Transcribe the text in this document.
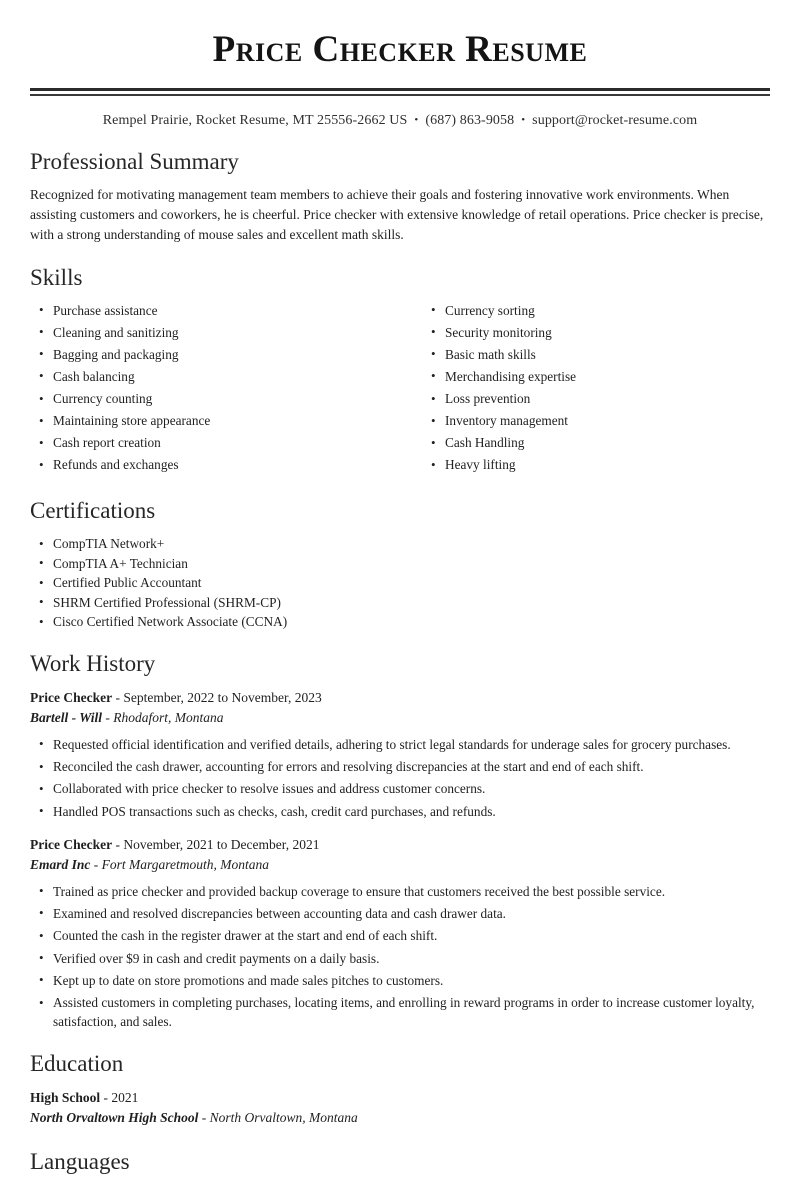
Price Checker Resume
Rempel Prairie, Rocket Resume, MT 25556-2662 US • (687) 863-9058 • support@rocket-resume.com
Professional Summary

Recognized for motivating management team members to achieve their goals and fostering innovative work environments. When assisting customers and coworkers, he is cheerful. Price checker with extensive knowledge of retail operations. Price checker is precise, with a strong understanding of mouse sales and excellent math skills.

Skills
• Purchase assistance
• Cleaning and sanitizing
• Bagging and packaging
• Cash balancing
• Currency counting
• Maintaining store appearance
• Cash report creation
• Refunds and exchanges
• Currency sorting
• Security monitoring
• Basic math skills
• Merchandising expertise
• Loss prevention
• Inventory management
• Cash Handling
• Heavy lifting
Certifications
• CompTIA Network+
• CompTIA A+ Technician
• Certified Public Accountant
• SHRM Certified Professional (SHRM-CP)
• Cisco Certified Network Associate (CCNA)
Work History
Price Checker - September, 2022 to November, 2023
Bartell - Will - Rhodafort, Montana
• Requested official identification and verified details, adhering to strict legal standards for underage sales for grocery purchases.
• Reconciled the cash drawer, accounting for errors and resolving discrepancies at the start and end of each shift.
• Collaborated with price checker to resolve issues and address customer concerns.
• Handled POS transactions such as checks, cash, credit card purchases, and refunds.
Price Checker - November, 2021 to December, 2021
Emard Inc - Fort Margaretmouth, Montana
• Trained as price checker and provided backup coverage to ensure that customers received the best possible service.
• Examined and resolved discrepancies between accounting data and cash drawer data.
• Counted the cash in the register drawer at the start and end of each shift.
• Verified over $9 in cash and credit payments on a daily basis.
• Kept up to date on store promotions and made sales pitches to customers.
• Assisted customers in completing purchases, locating items, and enrolling in reward programs in order to increase customer loyalty, satisfaction, and sales.
Education
High School - 2021
North Orvaltown High School - North Orvaltown, Montana
Languages
